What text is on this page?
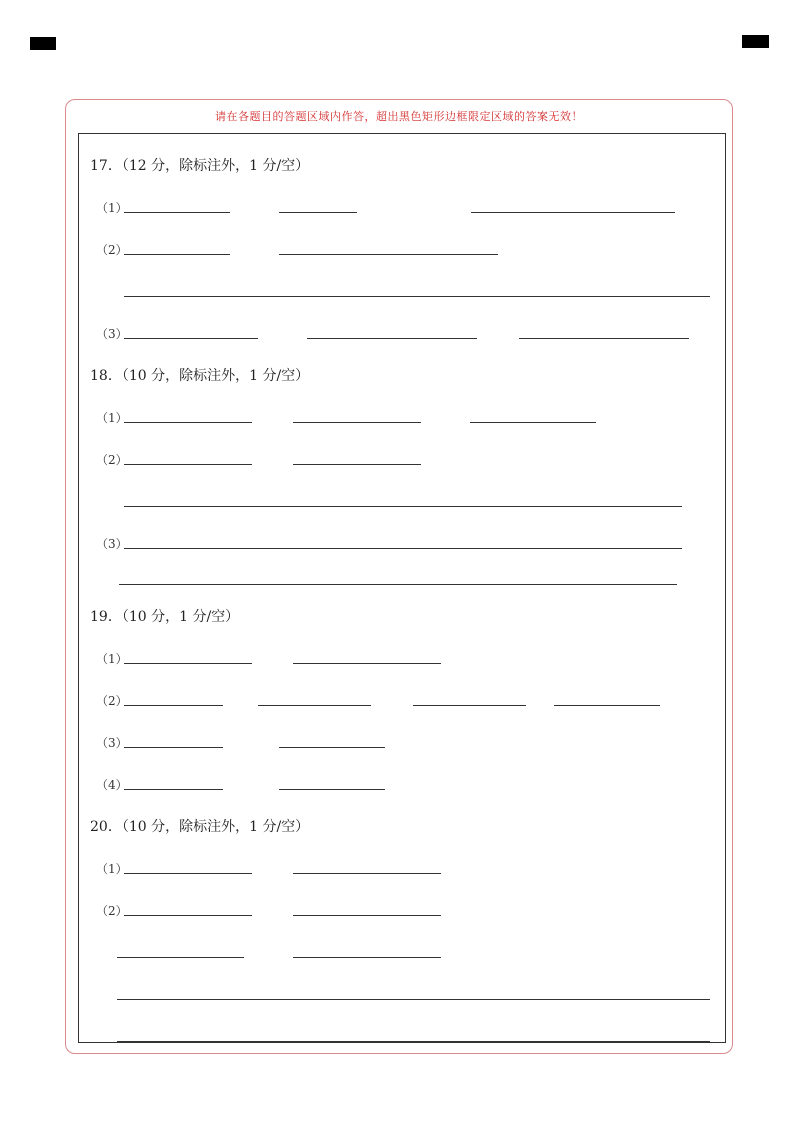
请在各题目的答题区域内作答，超出黑色矩形边框限定区域的答案无效！
17．（12 分，除标注外，1 分/空）
（1）
（2）
（3）
18．（10 分，除标注外，1 分/空）
（1）
（2）
（3）
19．（10 分，1 分/空）
（1）
（2）
（3）
（4）
20．（10 分，除标注外，1 分/空）
（1）
（2）
